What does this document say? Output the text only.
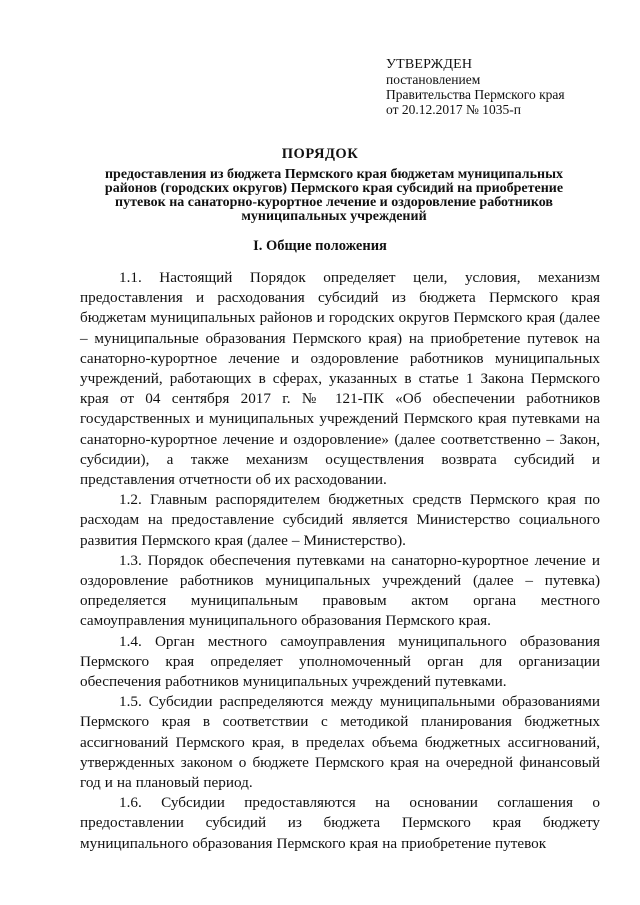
УТВЕРЖДЕН
постановлением
Правительства Пермского края
от 20.12.2017 № 1035-п
ПОРЯДОК
предоставления из бюджета Пермского края бюджетам муниципальных
районов (городских округов) Пермского края субсидий на приобретение
путевок на санаторно-курортное лечение и оздоровление работников
муниципальных учреждений
I. Общие положения

1.1. Настоящий Порядок определяет цели, условия, механизм предоставления и расходования субсидий из бюджета Пермского края бюджетам муниципальных районов и городских округов Пермского края (далее – муниципальные образования Пермского края) на приобретение путевок на санаторно-курортное лечение и оздоровление работников муниципальных учреждений, работающих в сферах, указанных в статье 1 Закона Пермского края от 04 сентября 2017 г. № 121-ПК «Об обеспечении работников государственных и муниципальных учреждений Пермского края путевками на санаторно-курортное лечение и оздоровление» (далее соответственно – Закон, субсидии), а также механизм осуществления возврата субсидий и представления отчетности об их расходовании.

1.2. Главным распорядителем бюджетных средств Пермского края по расходам на предоставление субсидий является Министерство социального развития Пермского края (далее – Министерство).

1.3. Порядок обеспечения путевками на санаторно-курортное лечение и оздоровление работников муниципальных учреждений (далее – путевка) определяется муниципальным правовым актом органа местного самоуправления муниципального образования Пермского края.

1.4. Орган местного самоуправления муниципального образования Пермского края определяет уполномоченный орган для организации обеспечения работников муниципальных учреждений путевками.

1.5. Субсидии распределяются между муниципальными образованиями Пермского края в соответствии с методикой планирования бюджетных ассигнований Пермского края, в пределах объема бюджетных ассигнований, утвержденных законом о бюджете Пермского края на очередной финансовый год и на плановый период.

1.6. Субсидии предоставляются на основании соглашения о предоставлении субсидий из бюджета Пермского края бюджету муниципального образования Пермского края на приобретение путевок
